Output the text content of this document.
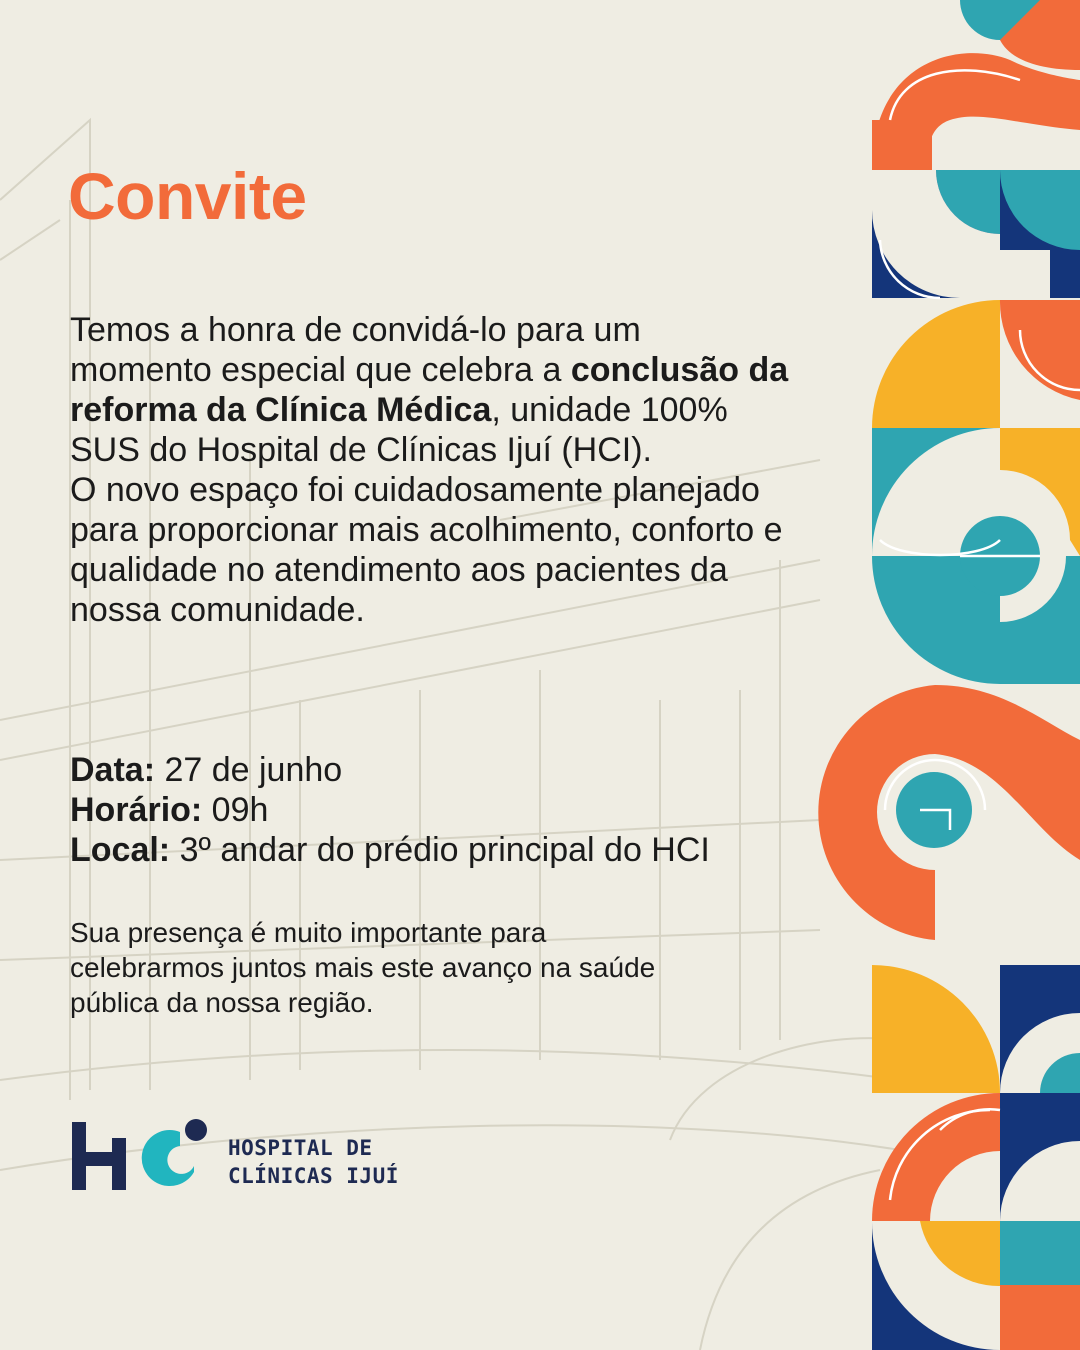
Convite
Temos a honra de convidá-lo para um momento especial que celebra a conclusão da reforma da Clínica Médica, unidade 100% SUS do Hospital de Clínicas Ijuí (HCI).
O novo espaço foi cuidadosamente planejado para proporcionar mais acolhimento, conforto e qualidade no atendimento aos pacientes da nossa comunidade.
Data: 27 de junho
Horário: 09h
Local: 3º andar do prédio principal do HCI
Sua presença é muito importante para celebrarmos juntos mais este avanço na saúde pública da nossa região.
HOSPITAL DE
CLÍNICAS IJUÍ
